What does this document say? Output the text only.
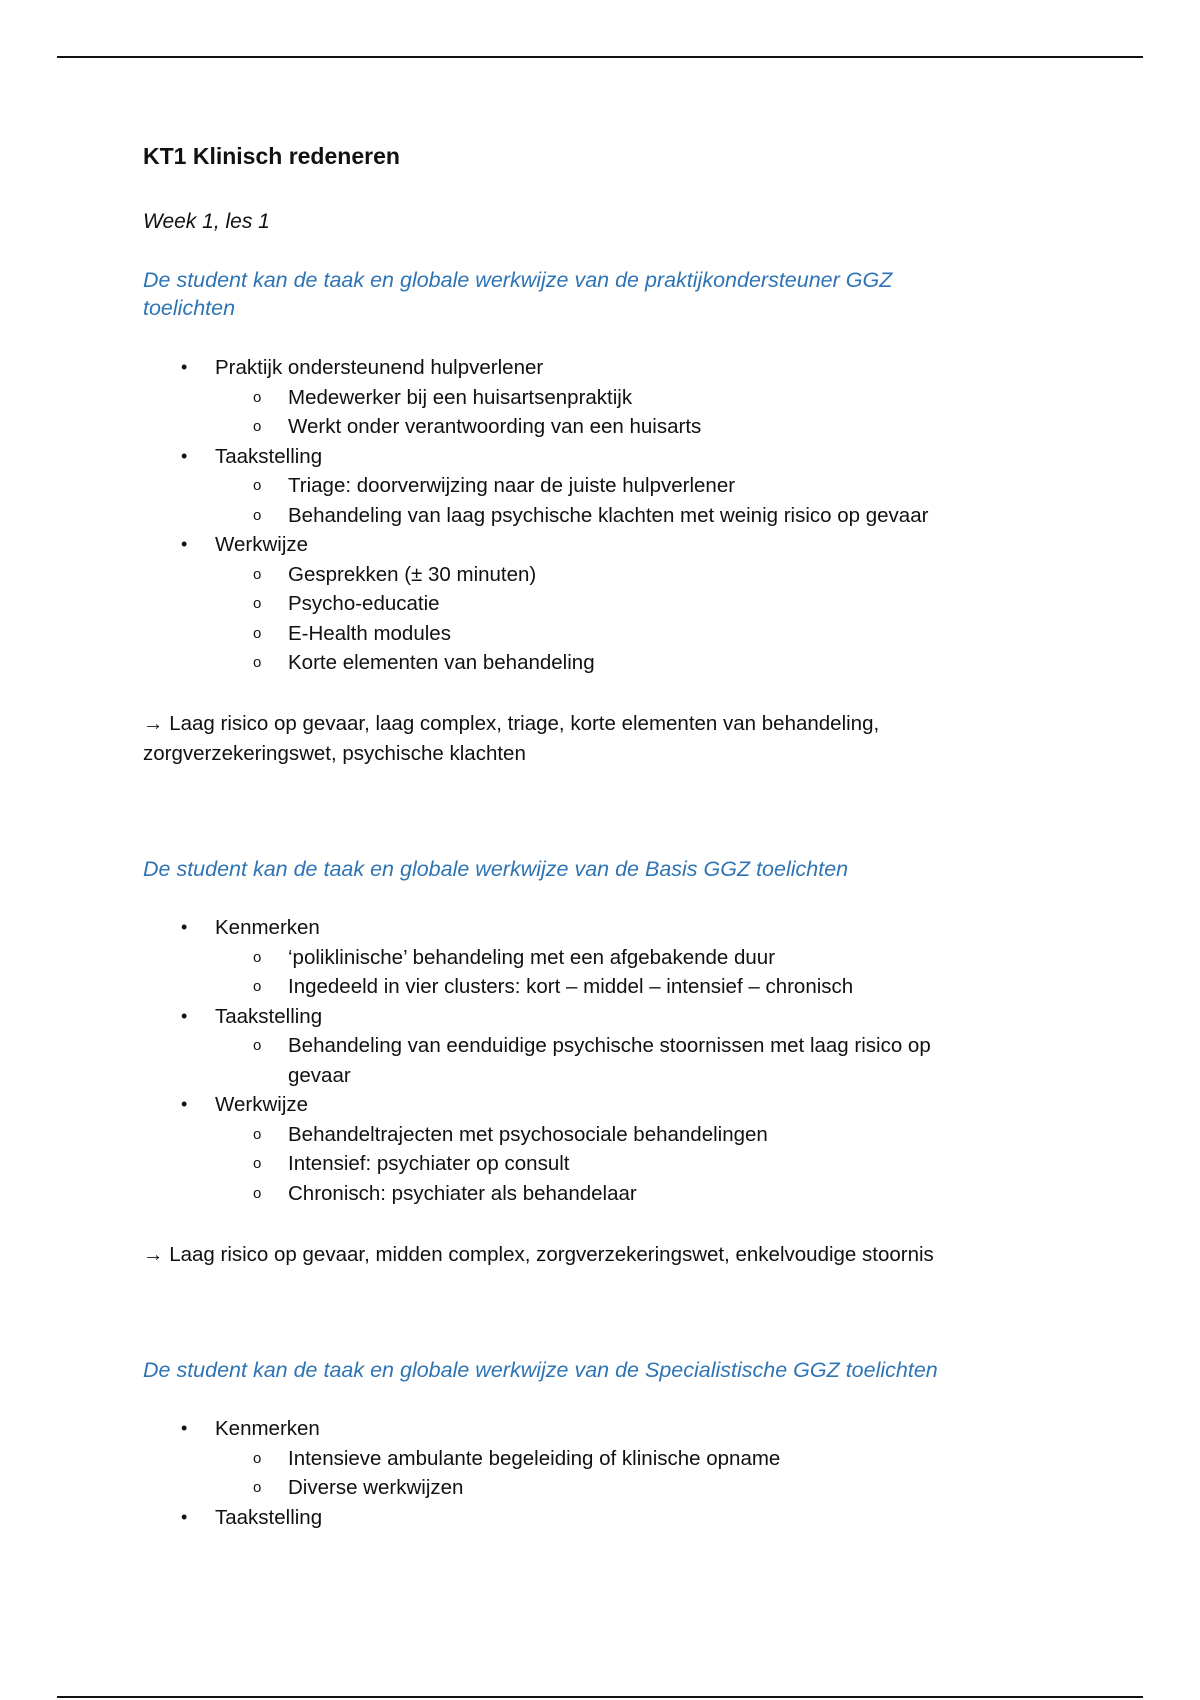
KT1 Klinisch redeneren

Week 1, les 1

De student kan de taak en globale werkwijze van de praktijkondersteuner GGZ toelichten

• Praktijk ondersteunend hulpverlener
o Medewerker bij een huisartsenpraktijk
o Werkt onder verantwoording van een huisarts
• Taakstelling
o Triage: doorverwijzing naar de juiste hulpverlener
o Behandeling van laag psychische klachten met weinig risico op gevaar
• Werkwijze
o Gesprekken (± 30 minuten)
o Psycho-educatie
o E-Health modules
o Korte elementen van behandeling

→ Laag risico op gevaar, laag complex, triage, korte elementen van behandeling, zorgverzekeringswet, psychische klachten

De student kan de taak en globale werkwijze van de Basis GGZ toelichten

• Kenmerken
o ‘poliklinische’ behandeling met een afgebakende duur
o Ingedeeld in vier clusters: kort – middel – intensief – chronisch
• Taakstelling
o Behandeling van eenduidige psychische stoornissen met laag risico op gevaar
• Werkwijze
o Behandeltrajecten met psychosociale behandelingen
o Intensief: psychiater op consult
o Chronisch: psychiater als behandelaar

→ Laag risico op gevaar, midden complex, zorgverzekeringswet, enkelvoudige stoornis

De student kan de taak en globale werkwijze van de Specialistische GGZ toelichten

• Kenmerken
o Intensieve ambulante begeleiding of klinische opname
o Diverse werkwijzen
• Taakstelling
